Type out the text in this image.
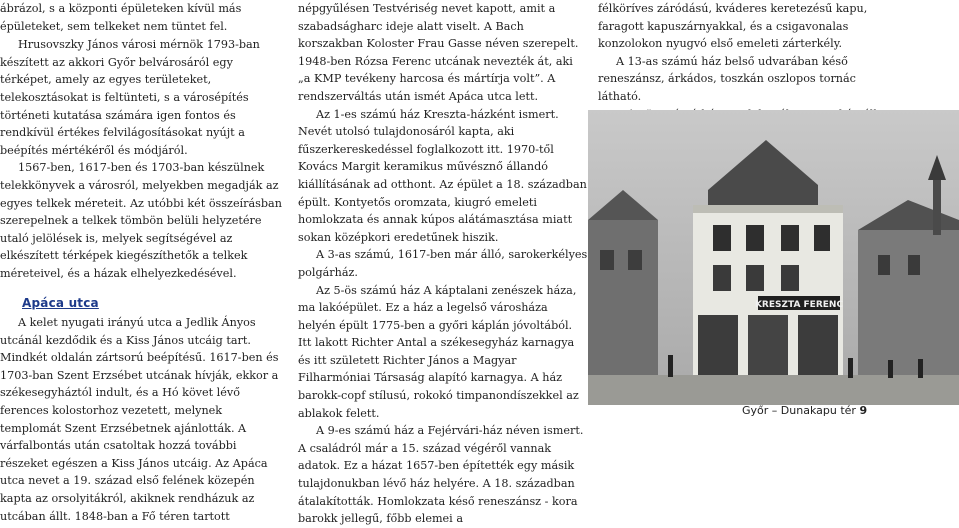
ábrázol, s a központi épületeken kívül más épületeket, sem telkeket nem tüntet fel.

Hrusovszky János városi mérnök 1793-ban készített az akkori Győr belvárosáról egy térképet, amely az egyes területeket, telekosztásokat is feltünteti, s a városépítés történeti kutatása számára igen fontos és rendkívül értékes felvilágosításokat nyújt a beépítés mértékéről és módjáról.

1567-ben, 1617-ben és 1703-ban készülnek telekkönyvek a városról, melyekben megadják az egyes telkek méreteit. Az utóbbi két összeírásban szerepelnek a telkek tömbön belüli helyzetére utaló jelölések is, melyek segítségével az elkészített térképek kiegészíthetők a telkek méreteivel, és a házak elhelyezkedésével.

Apáca utca

A kelet nyugati irányú utca a Jedlik Ányos utcánál kezdődik és a Kiss János utcáig tart. Mindkét oldalán zártsorú beépítésű. 1617-ben és 1703-ban Szent Erzsébet utcának hívják, ekkor a székesegyháztól indult, és a Hó követ lévő ferences kolostorhoz vezetett, melynek templomát Szent Erzsébetnek ajánlották. A várfalbontás után csatoltak hozzá további részeket egészen a Kiss János utcáig. Az Apáca utca nevet a 19. század első felének közepén kapta az orsolyitákról, akiknek rendházuk az utcában állt. 1848-ban a Fő téren tartott

népgyűlésen Testvériség nevet kapott, amit a szabadságharc ideje alatt viselt. A Bach korszakban Koloster Frau Gasse néven szerepelt. 1948-ben Rózsa Ferenc utcának nevezték át, aki „a KMP tevékeny harcosa és mártírja volt”. A rendszerváltás után ismét Apáca utca lett.

Az 1-es számú ház Kreszta-házként ismert. Nevét utolsó tulajdonosáról kapta, aki fűszerkereskedéssel foglalkozott itt. 1970-től Kovács Margit keramikus művésznő állandó kiállításának ad otthont. Az épület a 18. században épült. Kontyetős oromzata, kiugró emeleti homlokzata és annak kúpos alátámasztása miatt sokan középkori eredetűnek hiszik.

A 3-as számú, 1617-ben már álló, sarokerkélyes polgárház.

Az 5-ös számú ház A káptalani zenészek háza, ma lakóépület. Ez a ház a legelső városháza helyén épült 1775-ben a győri káplán jóvoltából. Itt lakott Richter Antal a székesegyház karnagya és itt született Richter János a Magyar Filharmóniai Társaság alapító karnagya. A ház barokk-copf stílusú, rokokó timpanondíszekkel az ablakok felett.

A 9-es számú ház a Fejérvári-ház néven ismert. A családról már a 15. század végéről vannak adatok. Ez a házat 1657-ben építették egy másik tulajdonukban lévő ház helyére. A 18. században átalakították. Homlokzata késő reneszánsz - kora barokk jellegű, főbb elemei a

félköríves záródású, kváderes keretezésű kapu, faragott kapuszárnyakkal, és a csigavonalas konzolokon nyugvó első emeleti zárterkély.

A 13-as számú ház belső udvarában késő reneszánsz, árkádos, toszkán oszlopos tornác látható.

KRESZTA FERENC
Győr – Dunakapu tér 9
